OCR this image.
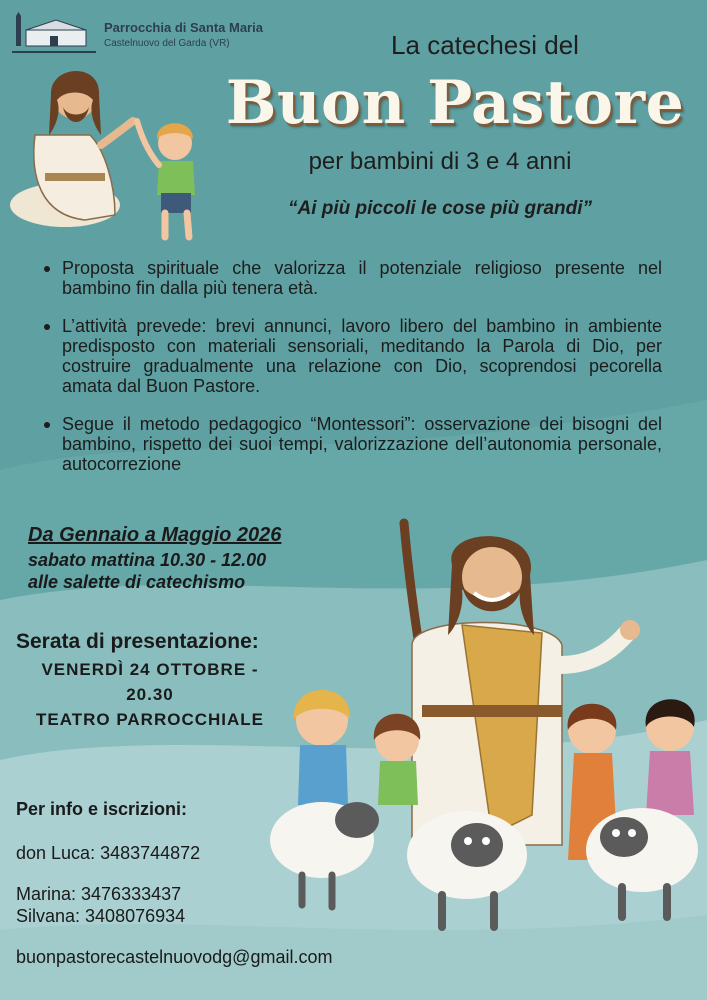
Parrocchia di Santa Maria
Castelnuovo del Garda (VR)	La catechesi del
Buon Pastore
per bambini di 3 e 4 anni
“Ai più piccoli le cose più grandi”
Proposta spirituale che valorizza il potenziale religioso presente nel bambino fin dalla più tenera età.
L’attività prevede: brevi annunci, lavoro libero del bambino in ambiente predisposto con materiali sensoriali, meditando la Parola di Dio, per costruire gradualmente una relazione con Dio, scoprendosi pecorella amata dal Buon Pastore.
Segue il metodo pedagogico “Montessori”: osservazione dei bisogni del bambino, rispetto dei suoi tempi, valorizzazione dell’autonomia personale, autocorrezione
Da Gennaio a Maggio 2026
sabato mattina 10.30 - 12.00
alle salette di catechismo
Serata di presentazione:
VENERDÌ 24 OTTOBRE -
20.30
TEATRO PARROCCHIALE
Per info e iscrizioni:
don Luca: 3483744872
Marina: 3476333437
Silvana: 3408076934
buonpastorecastelnuovodg@gmail.com
